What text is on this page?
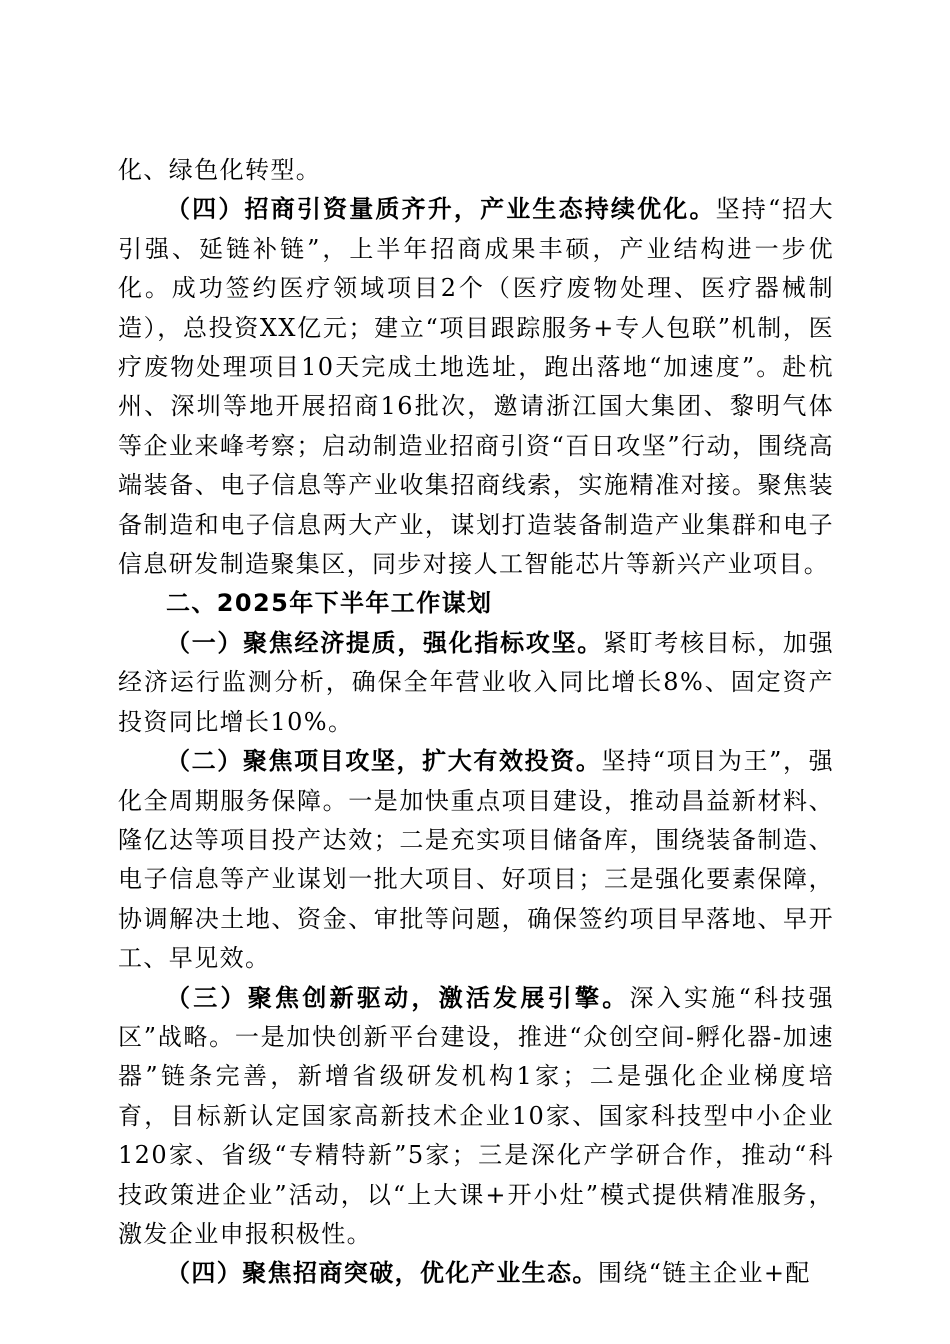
化、绿色化转型。

（四）招商引资量质齐升，产业生态持续优化。坚持“招大引强、延链补链”，上半年招商成果丰硕，产业结构进一步优化。成功签约医疗领域项目2个（医疗废物处理、医疗器械制造），总投资XX亿元；建立“项目跟踪服务+专人包联”机制，医疗废物处理项目10天完成土地选址，跑出落地“加速度”。赴杭州、深圳等地开展招商16批次，邀请浙江国大集团、黎明气体等企业来峰考察；启动制造业招商引资“百日攻坚”行动，围绕高端装备、电子信息等产业收集招商线索，实施精准对接。聚焦装备制造和电子信息两大产业，谋划打造装备制造产业集群和电子信息研发制造聚集区，同步对接人工智能芯片等新兴产业项目。

二、2025年下半年工作谋划

（一）聚焦经济提质，强化指标攻坚。紧盯考核目标，加强经济运行监测分析，确保全年营业收入同比增长8%、固定资产投资同比增长10%。

（二）聚焦项目攻坚，扩大有效投资。坚持“项目为王”，强化全周期服务保障。一是加快重点项目建设，推动昌益新材料、隆亿达等项目投产达效；二是充实项目储备库，围绕装备制造、电子信息等产业谋划一批大项目、好项目；三是强化要素保障，协调解决土地、资金、审批等问题，确保签约项目早落地、早开工、早见效。

（三）聚焦创新驱动，激活发展引擎。深入实施“科技强区”战略。一是加快创新平台建设，推进“众创空间-孵化器-加速器”链条完善，新增省级研发机构1家；二是强化企业梯度培育，目标新认定国家高新技术企业10家、国家科技型中小企业120家、省级“专精特新”5家；三是深化产学研合作，推动“科技政策进企业”活动，以“上大课+开小灶”模式提供精准服务，激发企业申报积极性。

（四）聚焦招商突破，优化产业生态。围绕“链主企业+配
